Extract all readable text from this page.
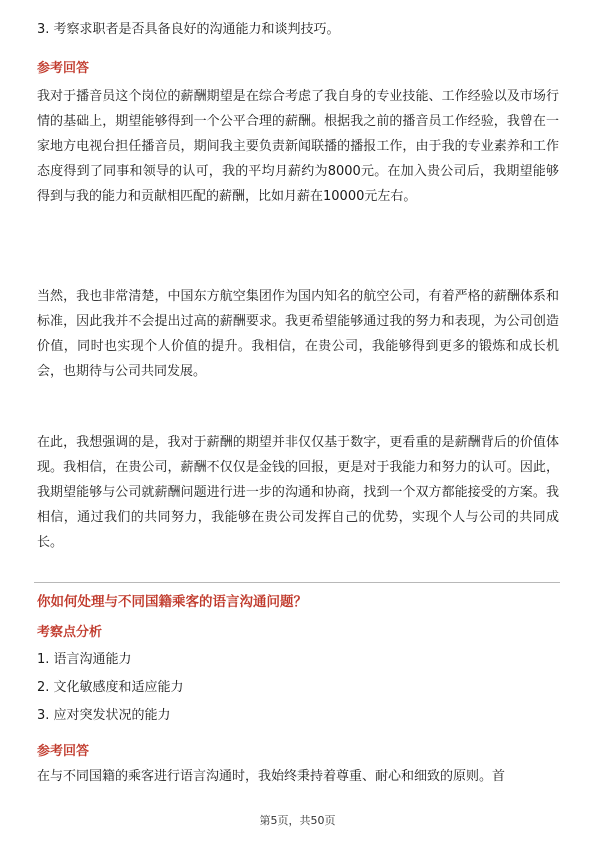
3. 考察求职者是否具备良好的沟通能力和谈判技巧。
参考回答
我对于播音员这个岗位的薪酬期望是在综合考虑了我自身的专业技能、工作经验以及市场行情的基础上，期望能够得到一个公平合理的薪酬。根据我之前的播音员工作经验，我曾在一家地方电视台担任播音员，期间我主要负责新闻联播的播报工作，由于我的专业素养和工作态度得到了同事和领导的认可，我的平均月薪约为8000元。在加入贵公司后，我期望能够得到与我的能力和贡献相匹配的薪酬，比如月薪在10000元左右。
当然，我也非常清楚，中国东方航空集团作为国内知名的航空公司，有着严格的薪酬体系和标准，因此我并不会提出过高的薪酬要求。我更希望能够通过我的努力和表现，为公司创造价值，同时也实现个人价值的提升。我相信，在贵公司，我能够得到更多的锻炼和成长机会，也期待与公司共同发展。
在此，我想强调的是，我对于薪酬的期望并非仅仅基于数字，更看重的是薪酬背后的价值体现。我相信，在贵公司，薪酬不仅仅是金钱的回报，更是对于我能力和努力的认可。因此，我期望能够与公司就薪酬问题进行进一步的沟通和协商，找到一个双方都能接受的方案。我相信，通过我们的共同努力，我能够在贵公司发挥自己的优势，实现个人与公司的共同成长。
你如何处理与不同国籍乘客的语言沟通问题？
考察点分析
1. 语言沟通能力
2. 文化敏感度和适应能力
3. 应对突发状况的能力
参考回答
在与不同国籍的乘客进行语言沟通时，我始终秉持着尊重、耐心和细致的原则。首
第5页，共50页
